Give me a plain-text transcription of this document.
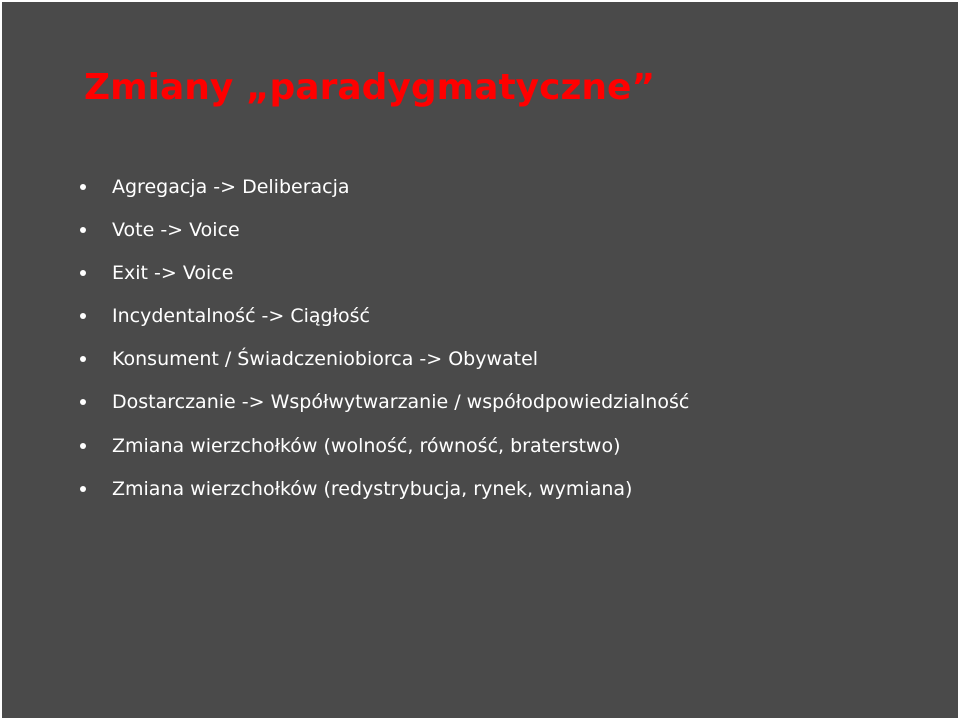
Zmiany „paradygmatyczne”
Agregacja -> Deliberacja
Vote -> Voice
Exit -> Voice
Incydentalność -> Ciągłość
Konsument / Świadczeniobiorca -> Obywatel
Dostarczanie -> Współwytwarzanie / współodpowiedzialność
Zmiana wierzchołków (wolność, równość, braterstwo)
Zmiana wierzchołków (redystrybucja, rynek, wymiana)
